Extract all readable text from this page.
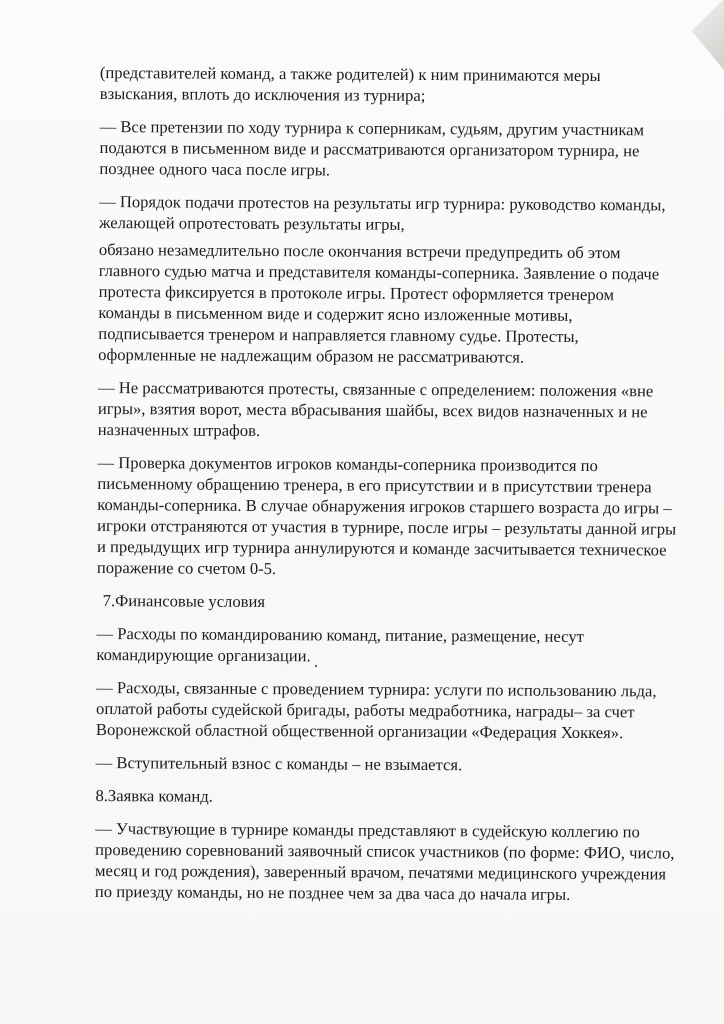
(представителей команд, а также родителей) к ним принимаются меры взыскания, вплоть до исключения из турнира;

— Все претензии по ходу турнира к соперникам, судьям, другим участникам подаются в письменном виде и рассматриваются организатором турнира, не позднее одного часа после игры.

— Порядок подачи протестов на результаты игр турнира: руководство команды, желающей опротестовать результаты игры,

обязано незамедлительно после окончания встречи предупредить об этом главного судью матча и представителя команды-соперника. Заявление о подаче протеста фиксируется в протоколе игры. Протест оформляется тренером команды в письменном виде и содержит ясно изложенные мотивы, подписывается тренером и направляется главному судье. Протесты, оформленные не надлежащим образом не рассматриваются.

— Не рассматриваются протесты, связанные с определением: положения «вне игры», взятия ворот, места вбрасывания шайбы, всех видов назначенных и не назначенных штрафов.

— Проверка документов игроков команды-соперника производится по письменному обращению тренера, в его присутствии и в присутствии тренера команды-соперника. В случае обнаружения игроков старшего возраста до игры – игроки отстраняются от участия в турнире, после игры – результаты данной игры и предыдущих игр турнира аннулируются и команде засчитывается техническое поражение со счетом 0-5.

7.Финансовые условия

— Расходы по командированию команд, питание, размещение, несут командирующие организации.

— Расходы, связанные с проведением турнира: услуги по использованию льда, оплатой работы судейской бригады, работы медработника, награды– за счет Воронежской областной общественной организации «Федерация Хоккея».

— Вступительный взнос с команды – не взымается.

8.Заявка команд.

— Участвующие в турнире команды представляют в судейскую коллегию по проведению соревнований заявочный список участников (по форме: ФИО, число, месяц и год рождения), заверенный врачом, печатями медицинского учреждения по приезду команды, но не позднее чем за два часа до начала игры.
